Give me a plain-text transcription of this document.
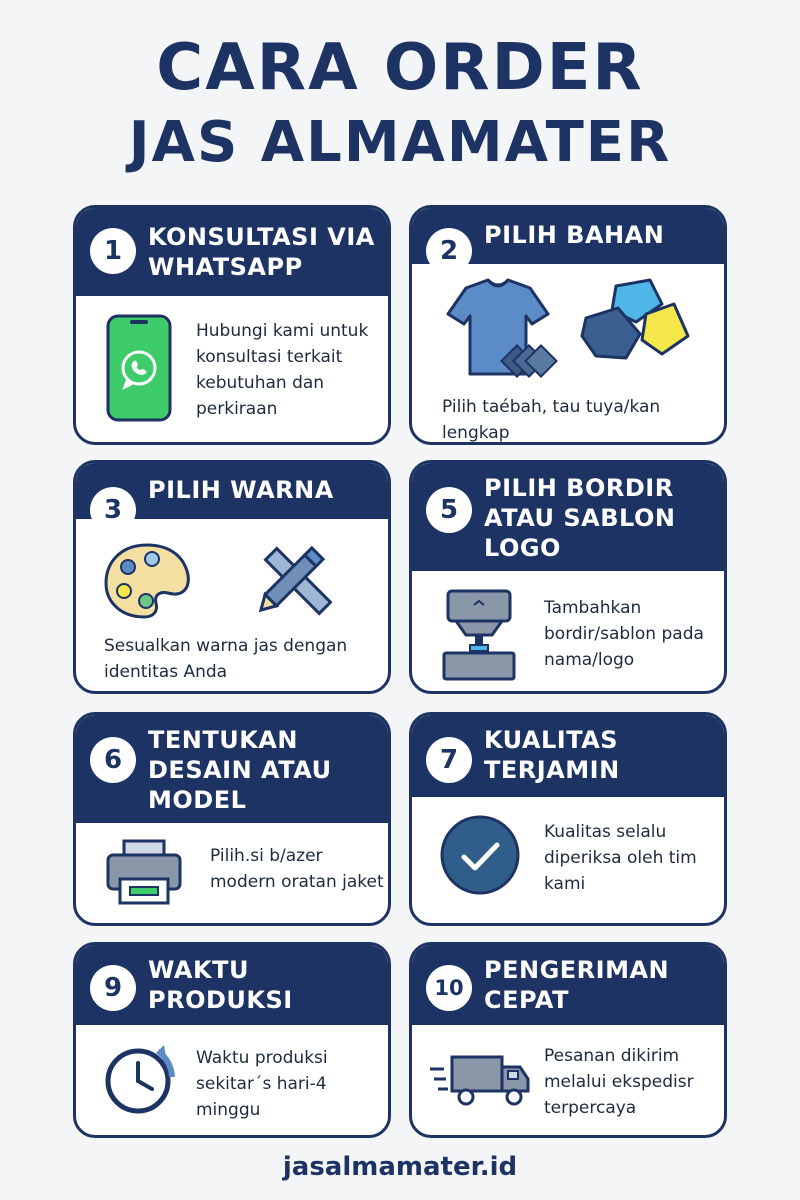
CARA ORDER
JAS ALMAMATER
1	KONSULTASI VIA WHATSAPP
Hubungi kami untuk konsultasi terkait kebutuhan dan perkiraan
2
PILIH BAHAN
Pilih taébah, tau tuya/kan lengkap
3
PILIH WARNA
Sesualkan warna jas dengan identitas Anda
5
PILIH BORDIR ATAU SABLON LOGO
Tambahkan bordir/sablon pada nama/logo
6
TENTUKAN DESAIN ATAU MODEL
Pilih.si b/azer modern oratan jaket
7
KUALITAS TERJAMIN
Kualitas selalu diperiksa oleh tim kami
9
WAKTU PRODUKSI
Waktu produksi sekitar´s hari-4 minggu
10
PENGERIMAN CEPAT
Pesanan dikirim melalui ekspedisr terpercaya
jasalmamater.id
